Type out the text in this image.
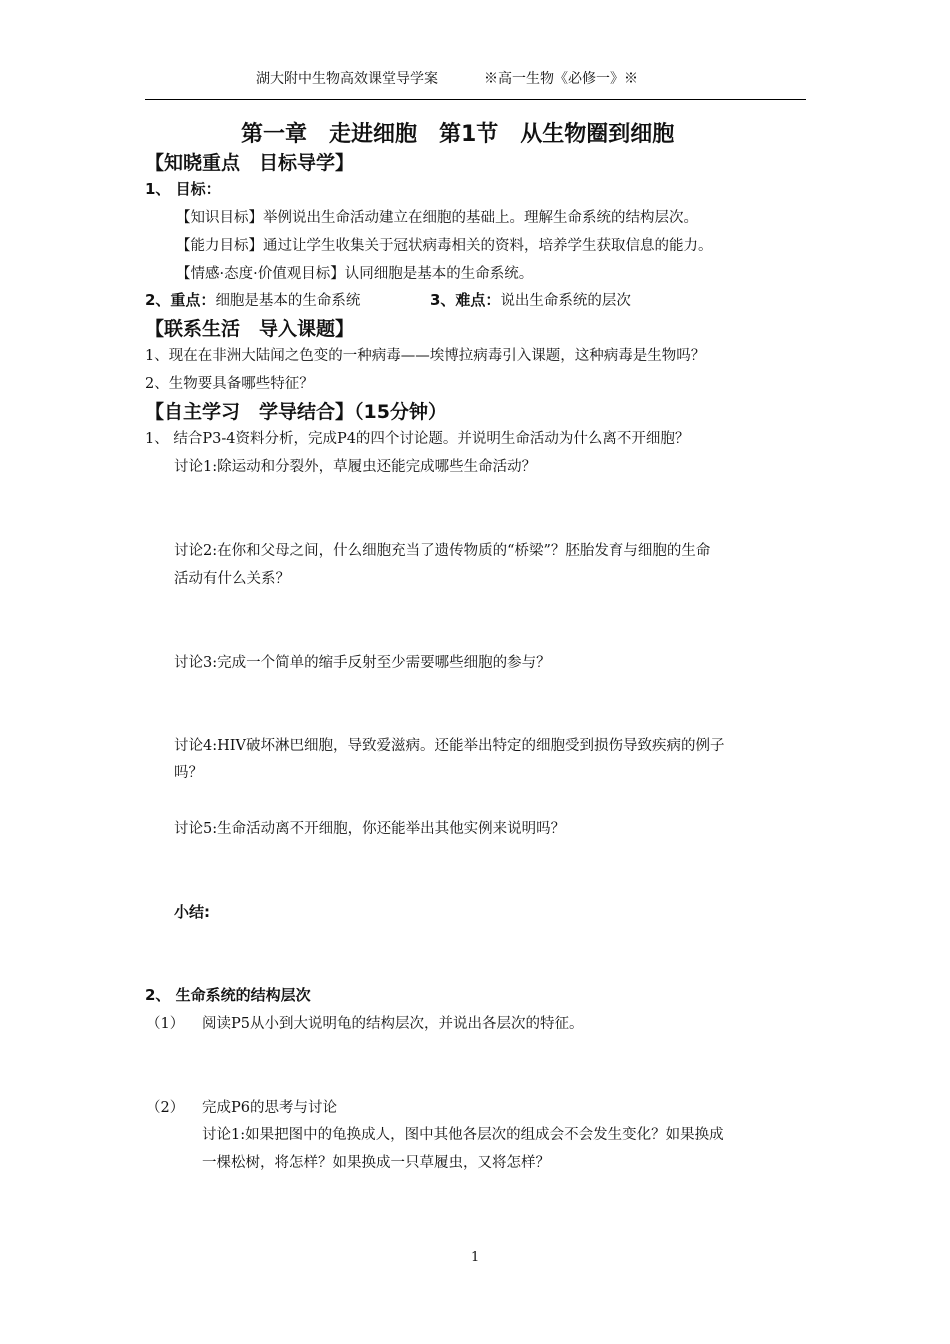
湖大附中生物高效课堂导学案	※高一生物《必修一》※
第一章　走进细胞　第1节　从生物圈到细胞
【知晓重点　目标导学】
1、 目标：
【知识目标】举例说出生命活动建立在细胞的基础上。理解生命系统的结构层次。
【能力目标】通过让学生收集关于冠状病毒相关的资料，培养学生获取信息的能力。
【情感·态度·价值观目标】认同细胞是基本的生命系统。
2、重点：细胞是基本的生命系统	3、难点：说出生命系统的层次
【联系生活　导入课题】
1、现在在非洲大陆闻之色变的一种病毒——埃博拉病毒引入课题，这种病毒是生物吗？
2、生物要具备哪些特征？
【自主学习　学导结合】（15分钟）
1、 结合P3-4资料分析，完成P4的四个讨论题。并说明生命活动为什么离不开细胞？
讨论1:除运动和分裂外，草履虫还能完成哪些生命活动？
讨论2:在你和父母之间，什么细胞充当了遗传物质的“桥梁”？胚胎发育与细胞的生命
活动有什么关系？
讨论3:完成一个简单的缩手反射至少需要哪些细胞的参与？
讨论4:HIV破坏淋巴细胞，导致爱滋病。还能举出特定的细胞受到损伤导致疾病的例子
吗？
讨论5:生命活动离不开细胞，你还能举出其他实例来说明吗？
小结:
2、 生命系统的结构层次
（1） 阅读P5从小到大说明龟的结构层次，并说出各层次的特征。
（2） 完成P6的思考与讨论
讨论1:如果把图中的龟换成人，图中其他各层次的组成会不会发生变化？如果换成
一棵松树，将怎样？如果换成一只草履虫，又将怎样？
1
